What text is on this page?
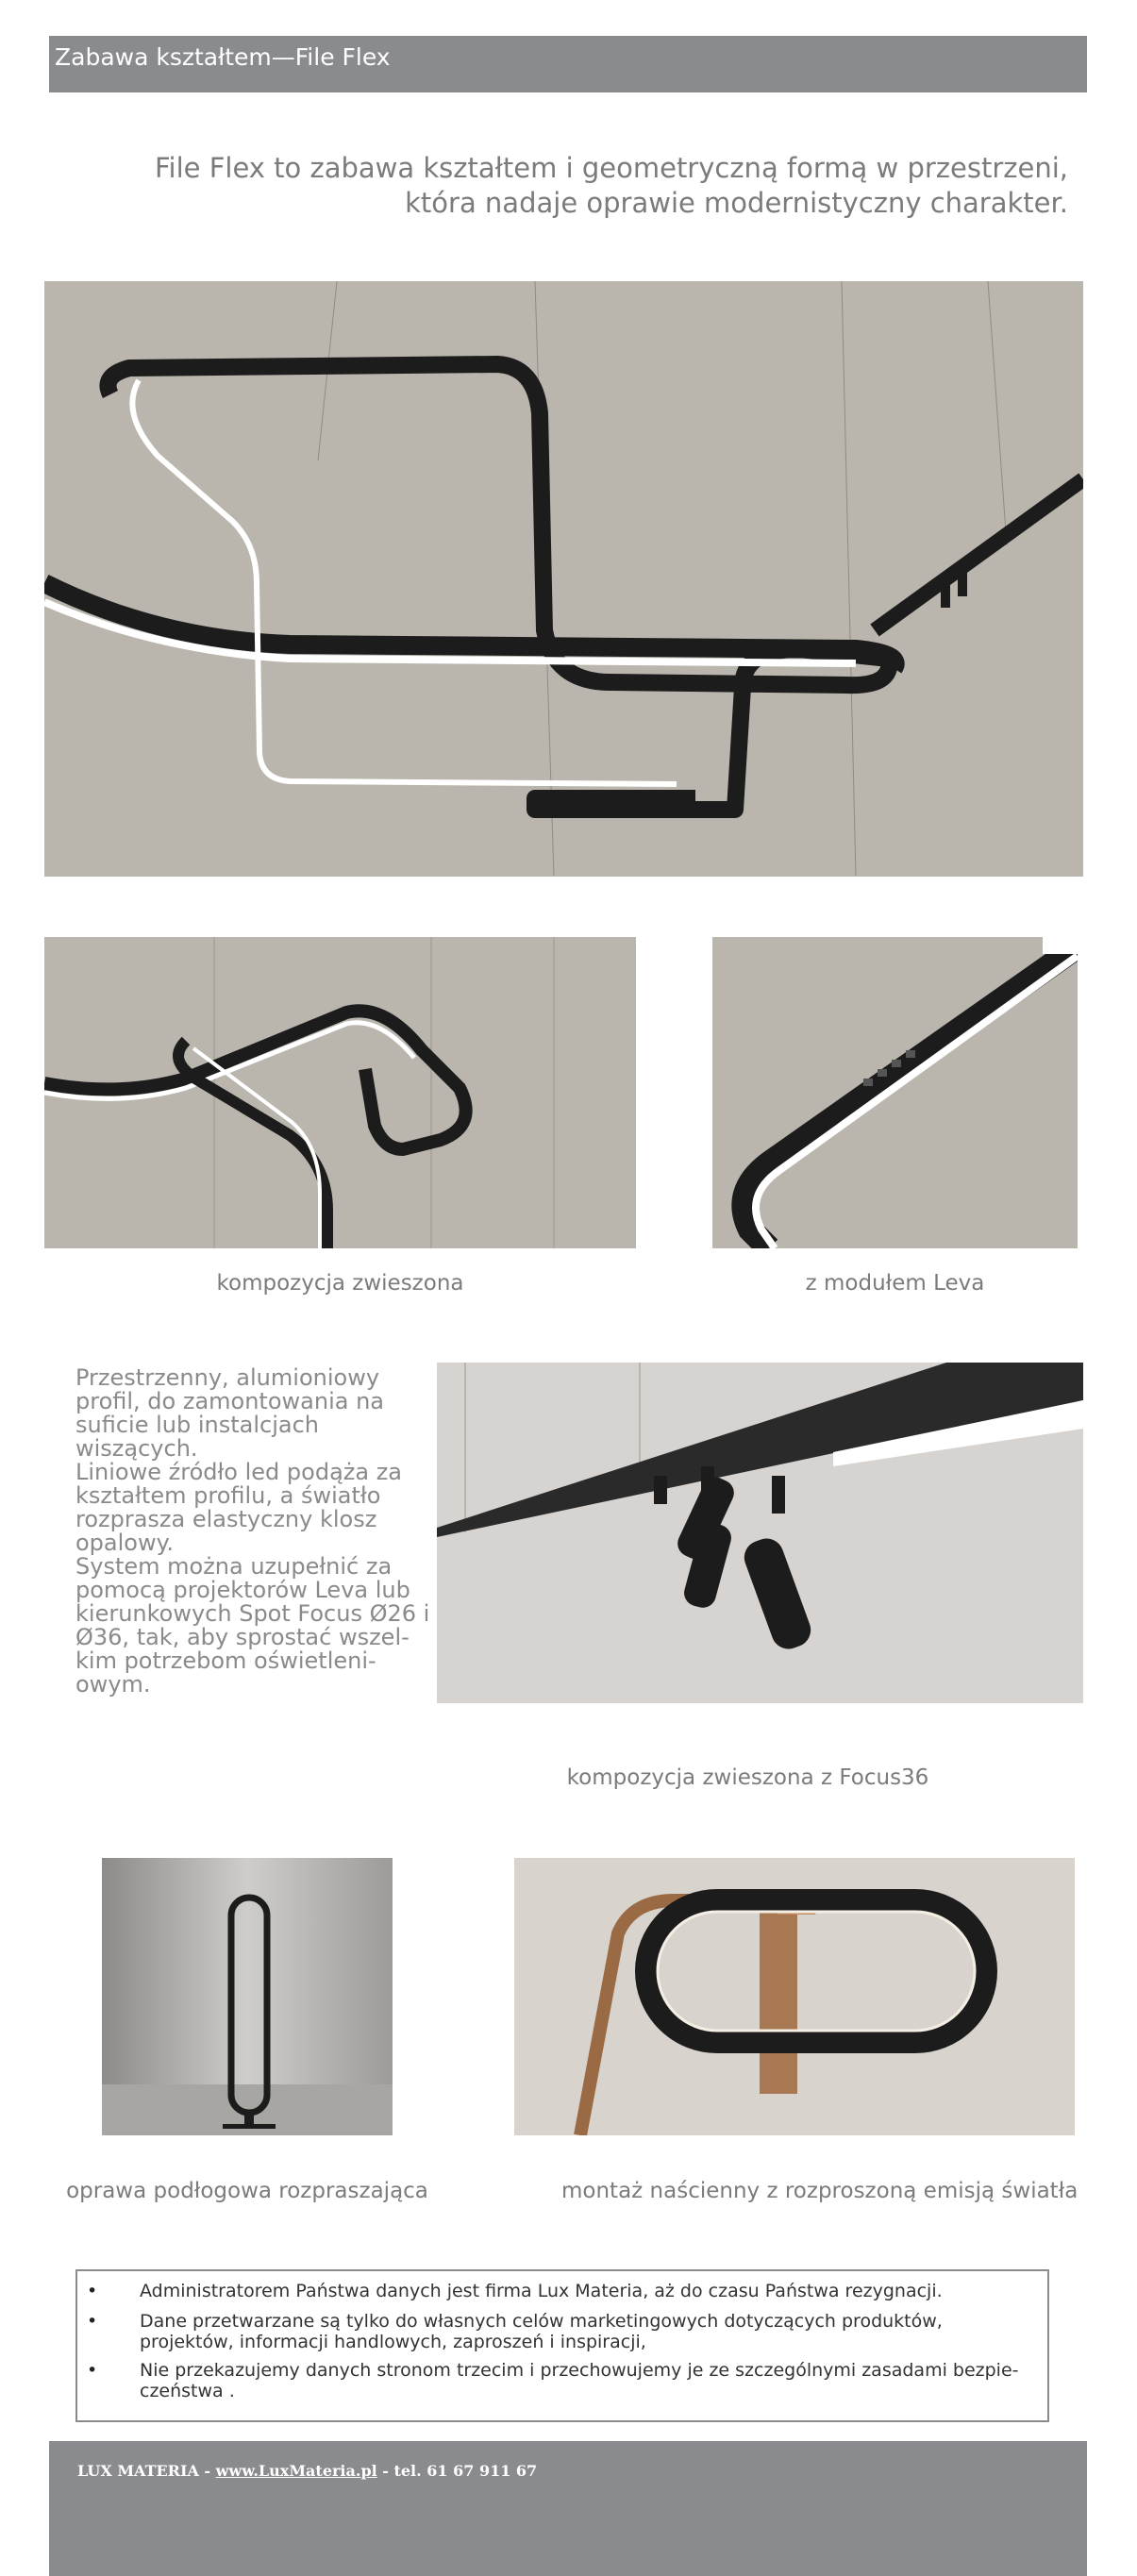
Zabawa kształtem—File Flex
File Flex to zabawa kształtem i geometryczną formą w przestrzeni,
która nadaje oprawie modernistyczny charakter.
kompozycja zwieszona	z modułem Leva

Przestrzenny, alumioniowy profil, do zamontowania na suficie lub instalcjach wiszących.

Liniowe źródło led podąża za kształtem profilu, a światło rozprasza elastyczny klosz opalowy.

System można uzupełnić za pomocą projektorów Leva lub kierunkowych Spot Focus Ø26 i Ø36, tak, aby sprostać wszel-kim potrzebom oświetleni-owym.

kompozycja zwieszona z Focus36
oprawa podłogowa rozpraszająca	montaż naścienny z rozproszoną emisją światła
• Administratorem Państwa danych jest firma Lux Materia, aż do czasu Państwa rezygnacji.
• Dane przetwarzane są tylko do własnych celów marketingowych dotyczących produktów, projektów, informacji handlowych, zaproszeń i inspiracji,
• Nie przekazujemy danych stronom trzecim i przechowujemy je ze szczególnymi zasadami bezpie-czeństwa .
LUX MATERIA - www.LuxMateria.pl - tel. 61 67 911 67
